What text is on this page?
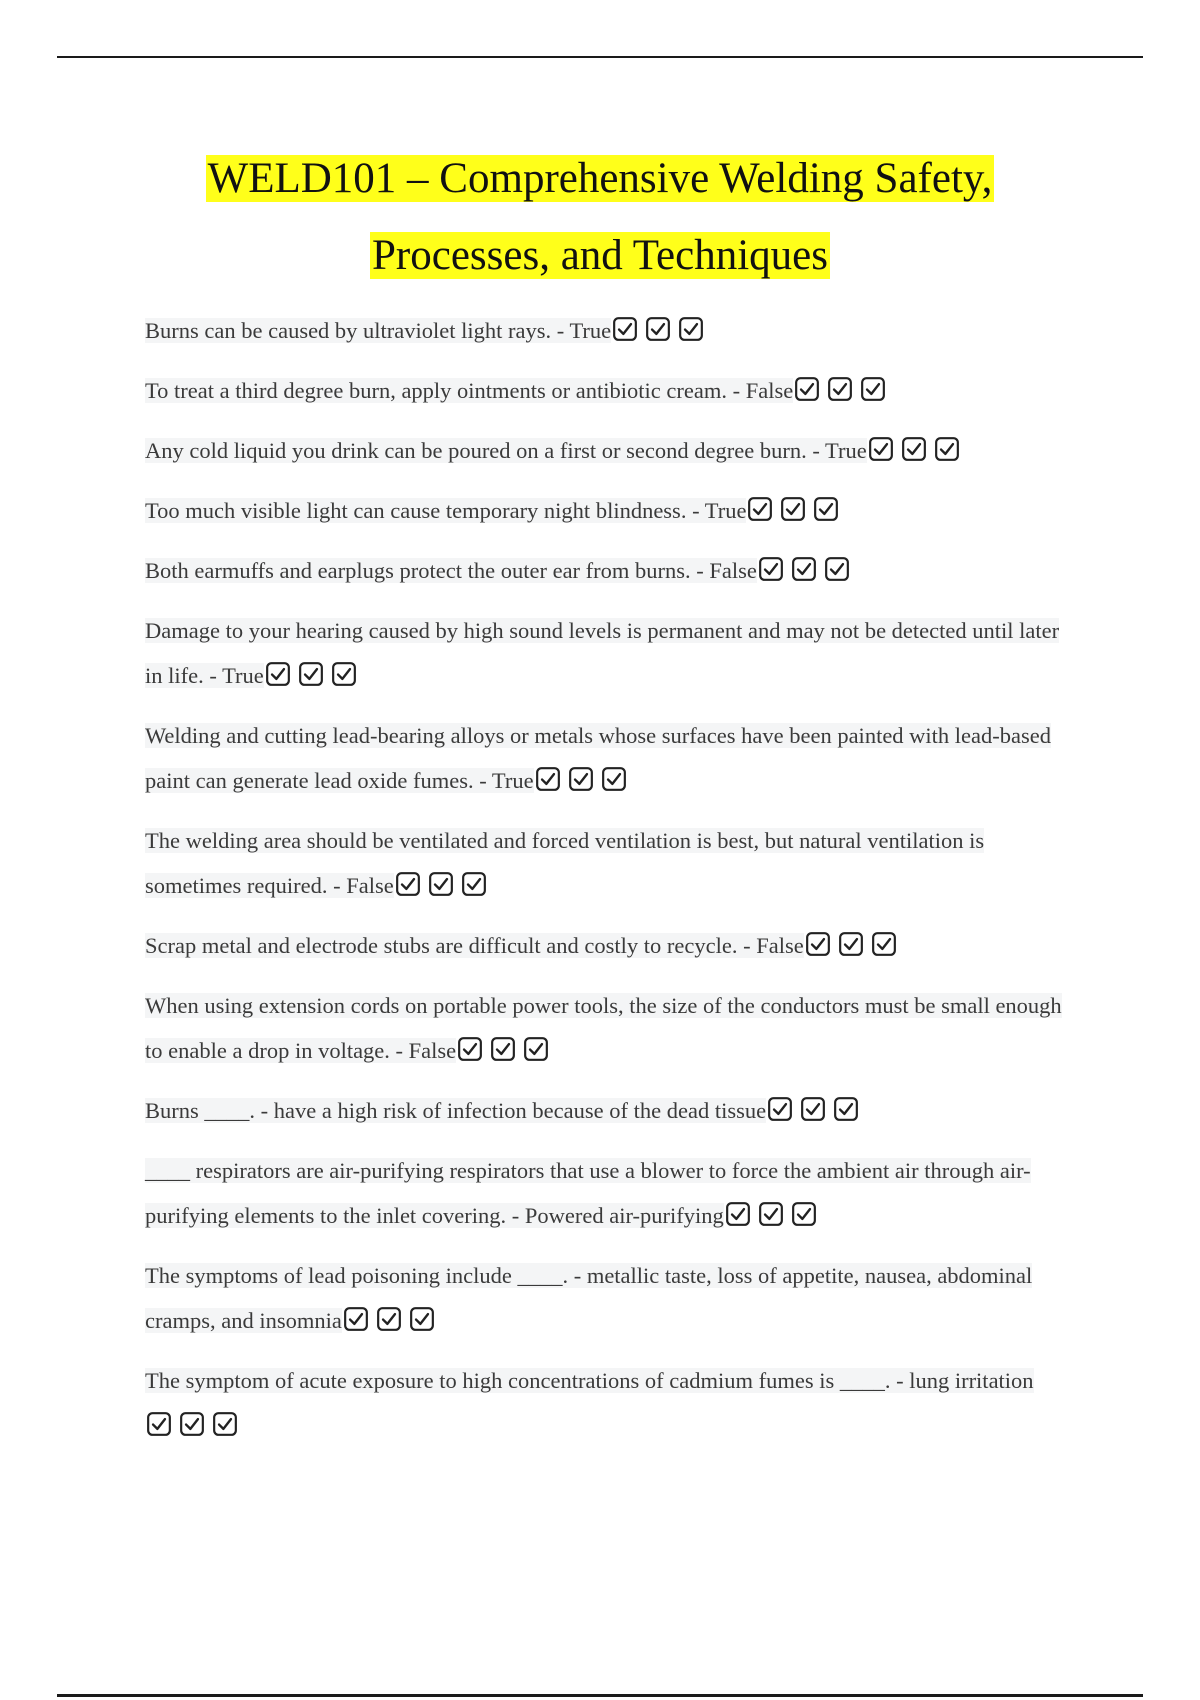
WELD101 – Comprehensive Welding Safety,
Processes, and Techniques

Burns can be caused by ultraviolet light rays. - True

To treat a third degree burn, apply ointments or antibiotic cream. - False

Any cold liquid you drink can be poured on a first or second degree burn. - True

Too much visible light can cause temporary night blindness. - True

Both earmuffs and earplugs protect the outer ear from burns. - False

Damage to your hearing caused by high sound levels is permanent and may not be detected until later in life. - True

Welding and cutting lead-bearing alloys or metals whose surfaces have been painted with lead-based paint can generate lead oxide fumes. - True

The welding area should be ventilated and forced ventilation is best, but natural ventilation is sometimes required. - False

Scrap metal and electrode stubs are difficult and costly to recycle. - False

When using extension cords on portable power tools, the size of the conductors must be small enough to enable a drop in voltage. - False

Burns ____. - have a high risk of infection because of the dead tissue

____ respirators are air-purifying respirators that use a blower to force the ambient air through air-purifying elements to the inlet covering. - Powered air-purifying

The symptoms of lead poisoning include ____. - metallic taste, loss of appetite, nausea, abdominal cramps, and insomnia

The symptom of acute exposure to high concentrations of cadmium fumes is ____. - lung irritation
